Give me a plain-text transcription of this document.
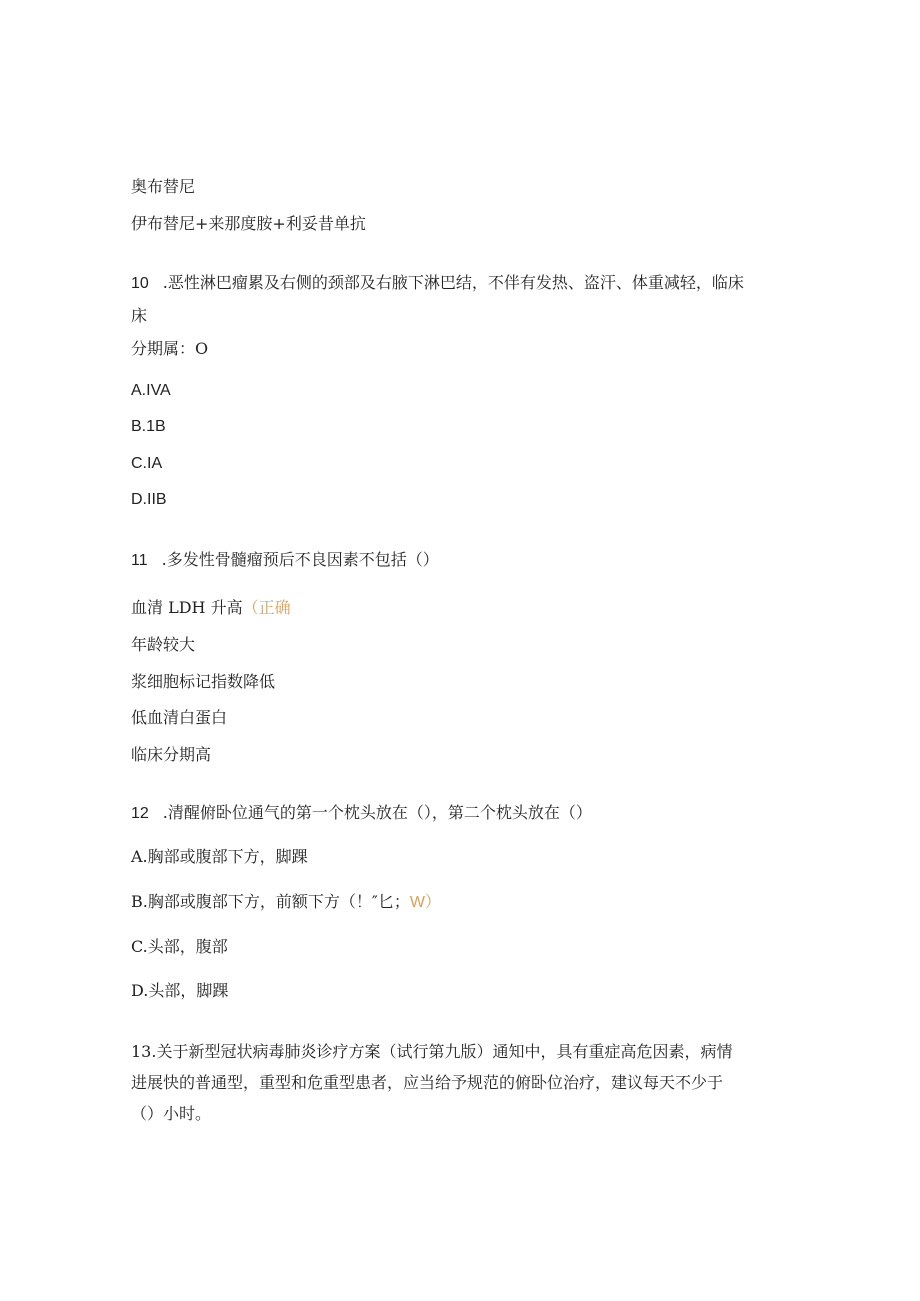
奥布替尼
伊布替尼+来那度胺+利妥昔单抗
10 .恶性淋巴瘤累及右侧的颈部及右腋下淋巴结，不伴有发热、盗汗、体重减轻，临床
床
分期属：O
A.IVA
B.1B
C.IA
D.IIB
11 .多发性骨髓瘤预后不良因素不包括（）
血清 LDH 升高（正确
年龄较大
浆细胞标记指数降低
低血清白蛋白
临床分期高
12 .清醒俯卧位通气的第一个枕头放在（），第二个枕头放在（）
A.胸部或腹部下方，脚踝
B.胸部或腹部下方，前额下方（！″匕；W）
C.头部，腹部
D.头部，脚踝
13.关于新型冠状病毒肺炎诊疗方案（试行第九版）通知中，具有重症高危因素，病情
进展快的普通型，重型和危重型患者，应当给予规范的俯卧位治疗，建议每天不少于
（）小时。
